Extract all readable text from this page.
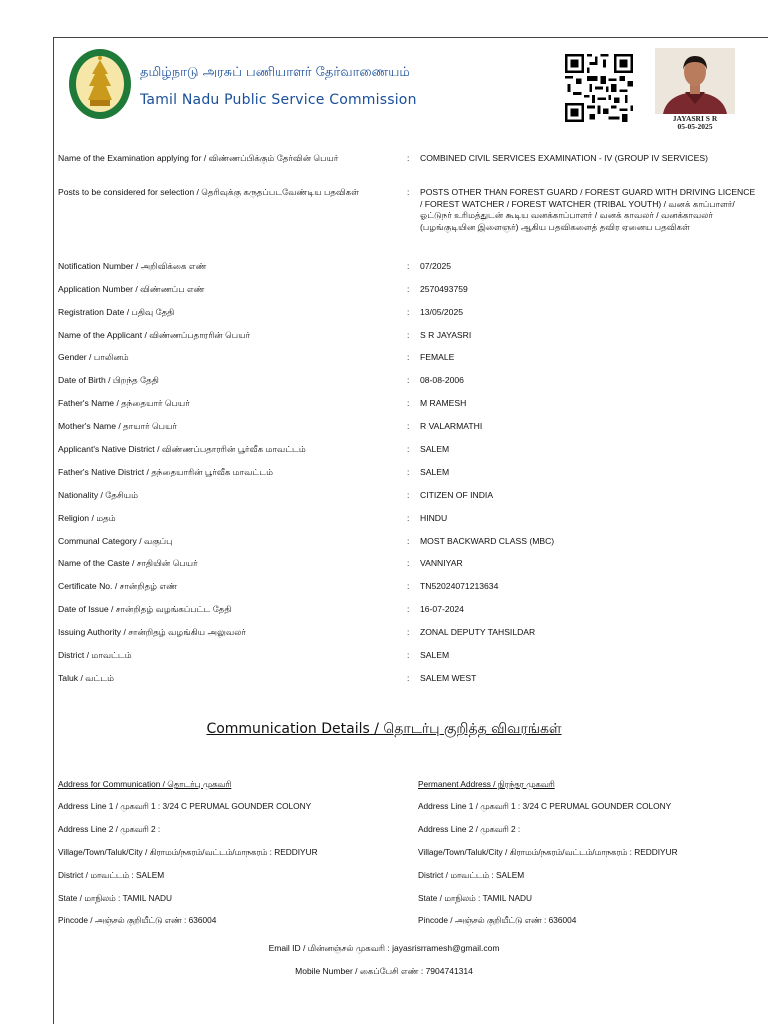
தமிழ்நாடு அரசுப் பணியாளர் தேர்வாணையம்
Tamil Nadu Public Service Commission
JAYASRI S R
05-05-2025
Name of the Examination applying for / விண்ணப்பிக்கும் தேர்வின் பெயர்	: COMBINED CIVIL SERVICES EXAMINATION - IV (GROUP IV SERVICES)
Posts to be considered for selection / தெரிவுக்கு கருதப்படவேண்டிய பதவிகள்	: POSTS OTHER THAN FOREST GUARD / FOREST GUARD WITH DRIVING LICENCE / FOREST WATCHER / FOREST WATCHER (TRIBAL YOUTH) / வனக் காப்பாளர்/ ஓட்டுநர் உரிமத்துடன் கூடிய வனக்காப்பாளர் / வனக் காவலர் / வனக்காவலர் (பழங்குடியின இளைஞர்) ஆகிய பதவிகளைத் தவிர ஏனைய பதவிகள்
Notification Number / அறிவிக்கை எண்	: 07/2025
Application Number / விண்ணப்ப எண்	: 2570493759
Registration Date / பதிவு தேதி	: 13/05/2025
Name of the Applicant / விண்ணப்பதாரரின் பெயர்	: S R JAYASRI
Gender / பாலினம்	: FEMALE
Date of Birth / பிறந்த தேதி	: 08-08-2006
Father's Name / தந்தையார் பெயர்	: M RAMESH
Mother's Name / தாயார் பெயர்	: R VALARMATHI
Applicant's Native District / விண்ணப்பதாரரின் பூர்வீக மாவட்டம்	: SALEM
Father's Native District / தந்தையாரின் பூர்வீக மாவட்டம்	: SALEM
Nationality / தேசியம்	: CITIZEN OF INDIA
Religion / மதம்	: HINDU
Communal Category / வகுப்பு	: MOST BACKWARD CLASS (MBC)
Name of the Caste / சாதியின் பெயர்	: VANNIYAR
Certificate No. / சான்றிதழ் எண்	: TN52024071213634
Date of Issue / சான்றிதழ் வழங்கப்பட்ட தேதி	: 16-07-2024
Issuing Authority / சான்றிதழ் வழங்கிய அலுவலர்	: ZONAL DEPUTY TAHSILDAR
District / மாவட்டம்	: SALEM
Taluk / வட்டம்	: SALEM WEST
Communication Details / தொடர்பு குறித்த விவரங்கள்
Address for Communication / தொடர்பு முகவரி
Address Line 1 / முகவரி 1 : 3/24 C PERUMAL GOUNDER COLONY
Address Line 2 / முகவரி 2 :
Village/Town/Taluk/City / கிராமம்/நகரம்/வட்டம்/மாநகரம் : REDDIYUR
District / மாவட்டம் : SALEM
State / மாநிலம் : TAMIL NADU
Pincode / அஞ்சல் குறியீட்டு எண் : 636004
Permanent Address / நிரந்தர முகவரி
Address Line 1 / முகவரி 1 : 3/24 C PERUMAL GOUNDER COLONY
Address Line 2 / முகவரி 2 :
Village/Town/Taluk/City / கிராமம்/நகரம்/வட்டம்/மாநகரம் : REDDIYUR
District / மாவட்டம் : SALEM
State / மாநிலம் : TAMIL NADU
Pincode / அஞ்சல் குறியீட்டு எண் : 636004
Email ID / மின்னஞ்சல் முகவரி : jayasrisrramesh@gmail.com
Mobile Number / கைப்பேசி எண் : 7904741314
